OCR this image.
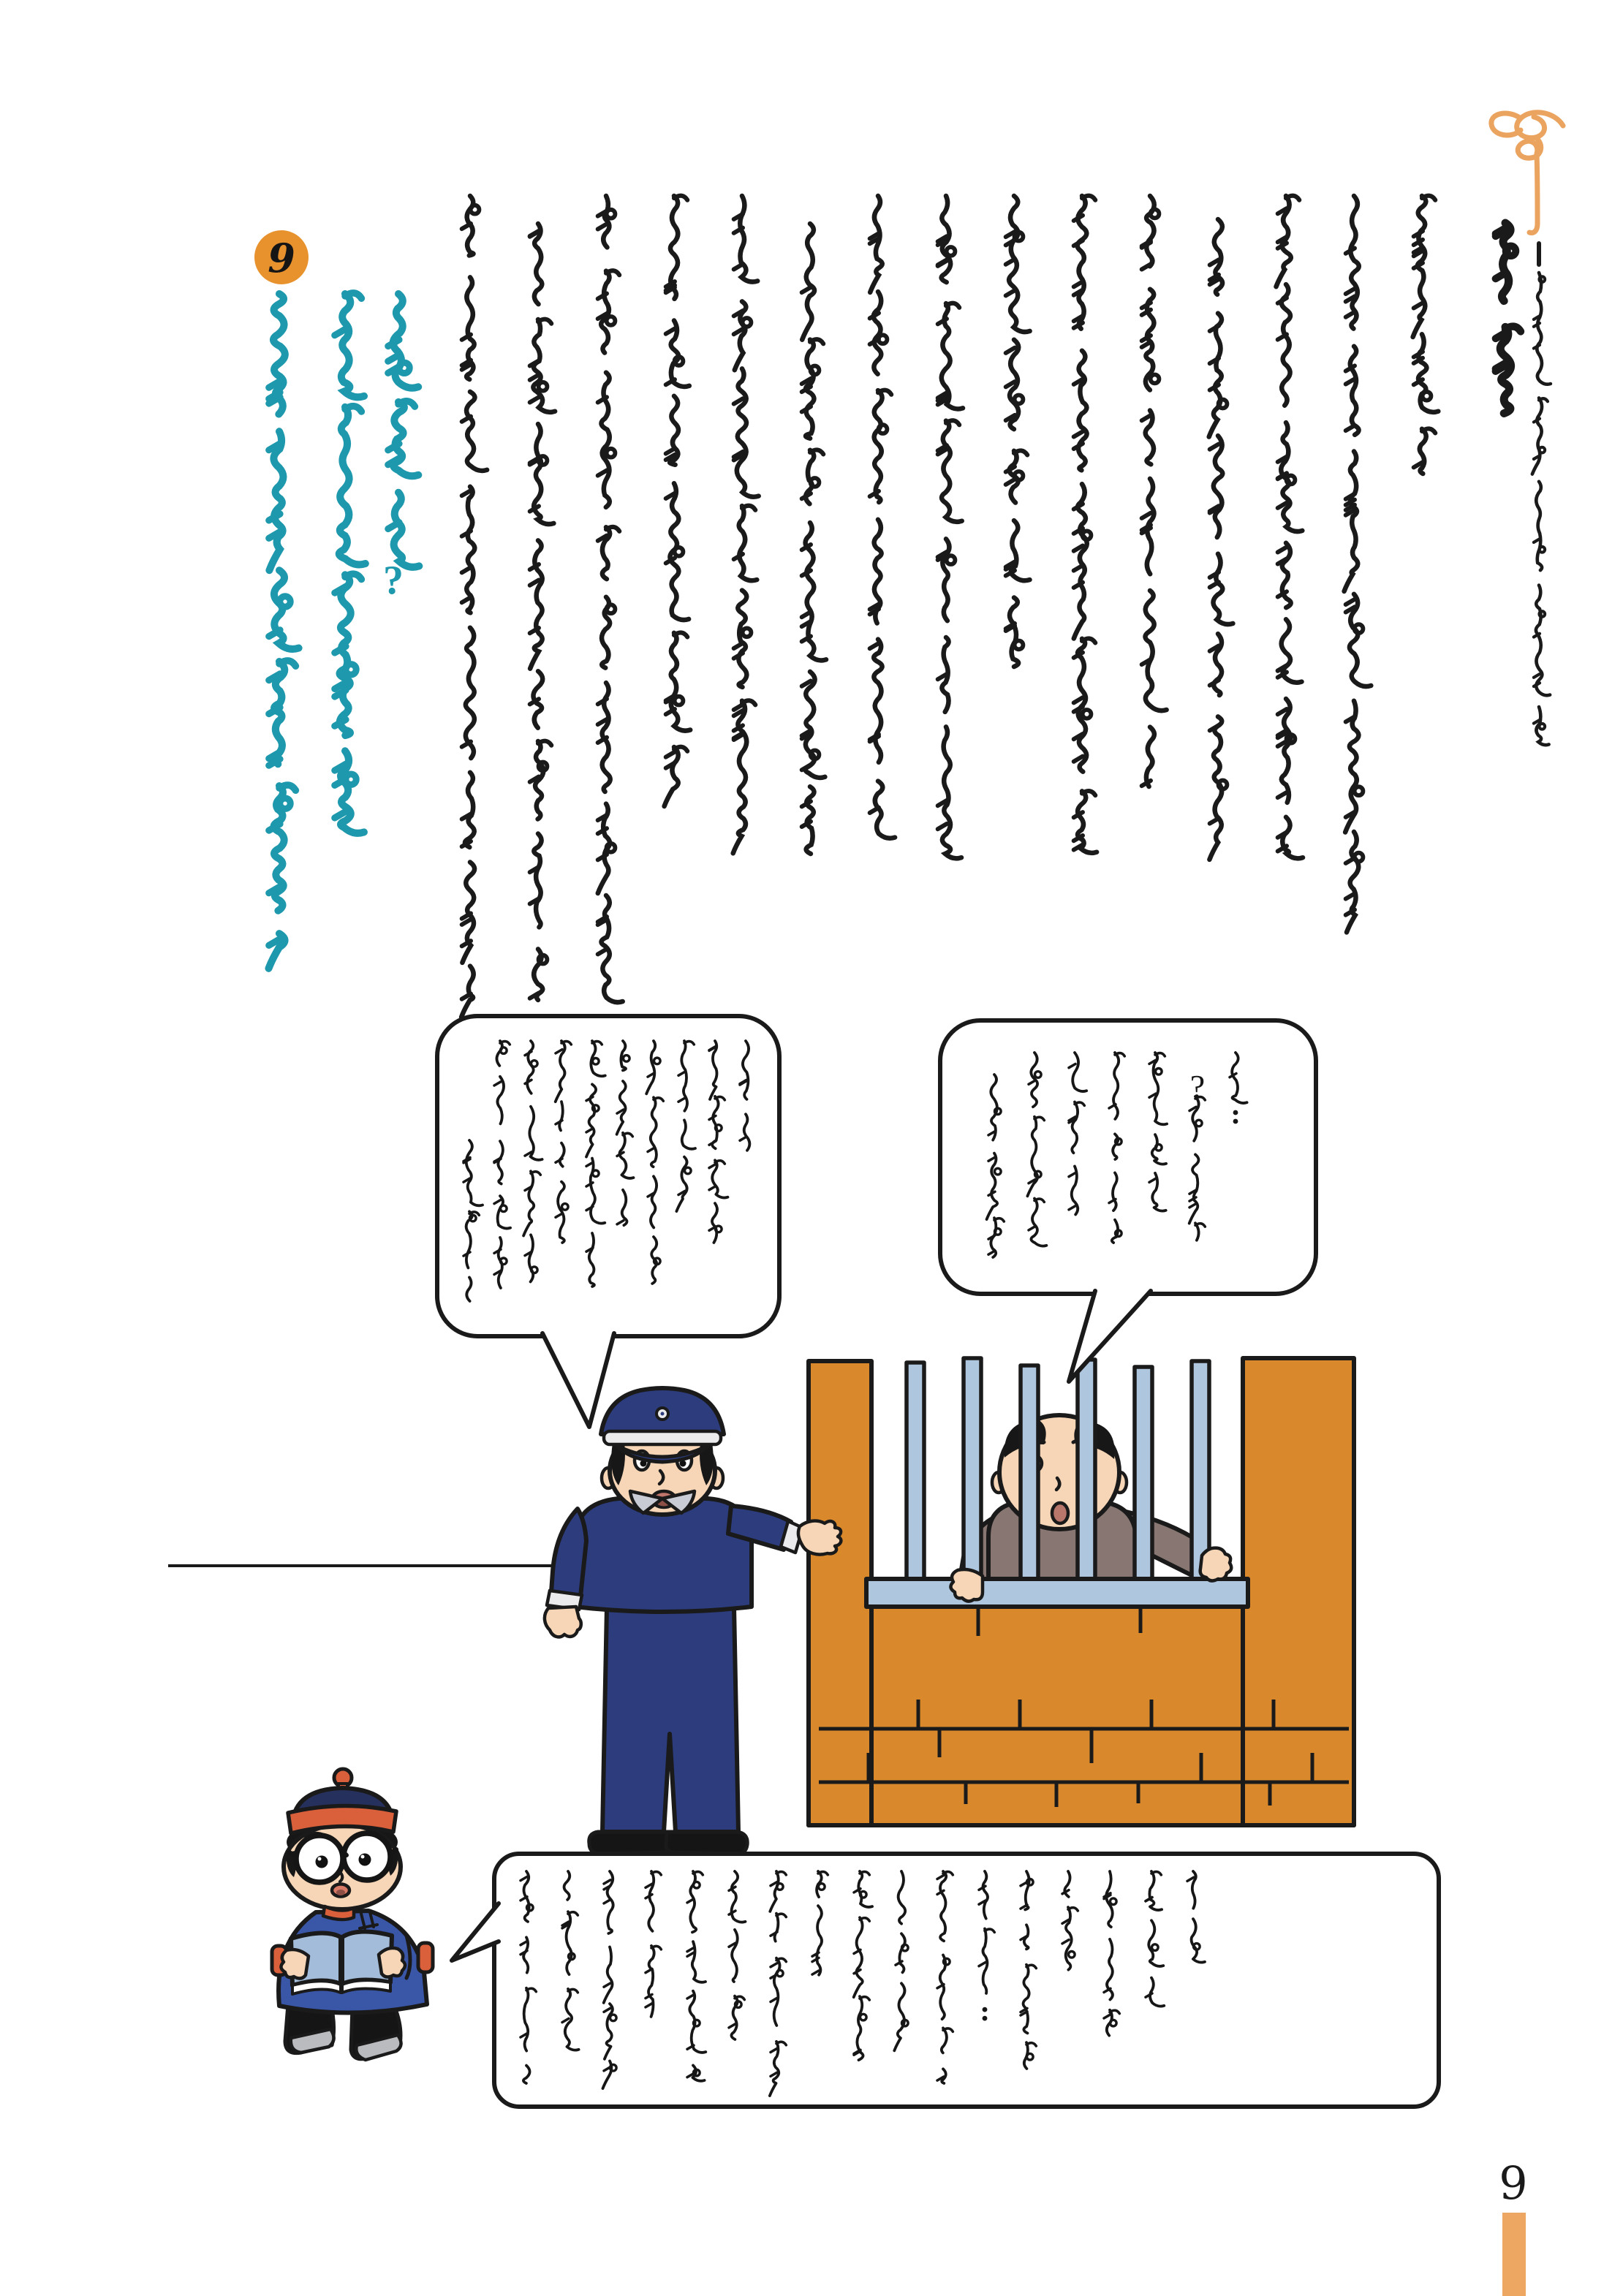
9
?
?
9
